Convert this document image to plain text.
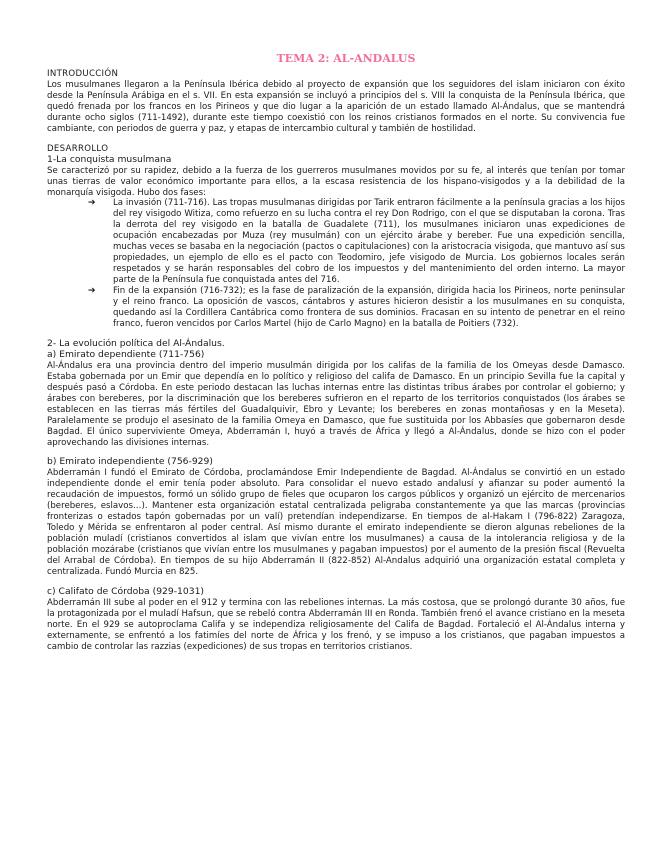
TEMA 2: AL-ANDALUS
INTRODUCCIÓN

Los musulmanes llegaron a la Península Ibérica debido al proyecto de expansión que los seguidores del islam iniciaron con éxito desde la Península Arábiga en el s. VII. En esta expansión se incluyó a principios del s. VIII la conquista de la Península Ibérica, que quedó frenada por los francos en los Pirineos y que dio lugar a la aparición de un estado llamado Al-Ándalus, que se mantendrá durante ocho siglos (711-1492), durante este tiempo coexistió con los reinos cristianos formados en el norte. Su convivencia fue cambiante, con periodos de guerra y paz, y etapas de intercambio cultural y también de hostilidad.

DESARROLLO
1-La conquista musulmana

Se caracterizó por su rapidez, debido a la fuerza de los guerreros musulmanes movidos por su fe, al interés que tenían por tomar unas tierras de valor económico importante para ellos, a la escasa resistencia de los hispano-visigodos y a la debilidad de la monarquía visigoda. Hubo dos fases:

➔ La invasión (711-716). Las tropas musulmanas dirigidas por Tarik entraron fácilmente a la península gracias a los hijos del rey visigodo Witiza, como refuerzo en su lucha contra el rey Don Rodrigo, con el que se disputaban la corona. Tras la derrota del rey visigodo en la batalla de Guadalete (711), los musulmanes iniciaron unas expediciones de ocupación encabezadas por Muza (rey musulmán) con un ejército árabe y bereber. Fue una expedición sencilla, muchas veces se basaba en la negociación (pactos o capitulaciones) con la aristocracia visigoda, que mantuvo así sus propiedades, un ejemplo de ello es el pacto con Teodomiro, jefe visigodo de Murcia. Los gobiernos locales serán respetados y se harán responsables del cobro de los impuestos y del mantenimiento del orden interno. La mayor parte de la Península fue conquistada antes del 716.
➔ Fin de la expansión (716-732); es la fase de paralización de la expansión, dirigida hacia los Pirineos, norte peninsular y el reino franco. La oposición de vascos, cántabros y astures hicieron desistir a los musulmanes en su conquista, quedando así la Cordillera Cantábrica como frontera de sus dominios. Fracasan en su intento de penetrar en el reino franco, fueron vencidos por Carlos Martel (hijo de Carlo Magno) en la batalla de Poitiers (732).
2- La evolución política del Al-Ándalus.
a) Emirato dependiente (711-756)

Al-Ándalus era una provincia dentro del imperio musulmán dirigida por los califas de la familia de los Omeyas desde Damasco. Estaba gobernada por un Emir que dependía en lo político y religioso del califa de Damasco. En un principio Sevilla fue la capital y después pasó a Córdoba. En este periodo destacan las luchas internas entre las distintas tribus árabes por controlar el gobierno; y árabes con bereberes, por la discriminación que los bereberes sufrieron en el reparto de los territorios conquistados (los árabes se establecen en las tierras más fértiles del Guadalquivir, Ebro y Levante; los bereberes en zonas montañosas y en la Meseta). Paralelamente se produjo el asesinato de la familia Omeya en Damasco, que fue sustituida por los Abbasíes que gobernaron desde Bagdad. El único superviviente Omeya, Abderramán I, huyó a través de África y llegó a Al-Ándalus, donde se hizo con el poder aprovechando las divisiones internas.

b) Emirato independiente (756-929)

Abderramán I fundó el Emirato de Córdoba, proclamándose Emir Independiente de Bagdad. Al-Ándalus se convirtió en un estado independiente donde el emir tenía poder absoluto. Para consolidar el nuevo estado andalusí y afianzar su poder aumentó la recaudación de impuestos, formó un sólido grupo de fieles que ocuparon los cargos públicos y organizó un ejército de mercenarios (bereberes, eslavos…). Mantener esta organización estatal centralizada peligraba constantemente ya que las marcas (provincias fronterizas o estados tapón gobernadas por un valí) pretendían independizarse. En tiempos de al-Hakam I (796-822) Zaragoza, Toledo y Mérida se enfrentaron al poder central. Así mismo durante el emirato independiente se dieron algunas rebeliones de la población muladí (cristianos convertidos al islam que vivían entre los musulmanes) a causa de la intolerancia religiosa y de la población mozárabe (cristianos que vivían entre los musulmanes y pagaban impuestos) por el aumento de la presión fiscal (Revuelta del Arrabal de Córdoba). En tiempos de su hijo Abderramán II (822-852) Al-Andalus adquirió una organización estatal completa y centralizada. Fundó Murcia en 825.

c) Califato de Córdoba (929-1031)

Abderramán III sube al poder en el 912 y termina con las rebeliones internas. La más costosa, que se prolongó durante 30 años, fue la protagonizada por el muladí Hafsun, que se rebeló contra Abderramán III en Ronda. También frenó el avance cristiano en la meseta norte. En el 929 se autoproclama Califa y se independiza religiosamente del Califa de Bagdad. Fortaleció el Al-Ándalus interna y externamente, se enfrentó a los fatimíes del norte de África y los frenó, y se impuso a los cristianos, que pagaban impuestos a cambio de controlar las razzias (expediciones) de sus tropas en territorios cristianos.
